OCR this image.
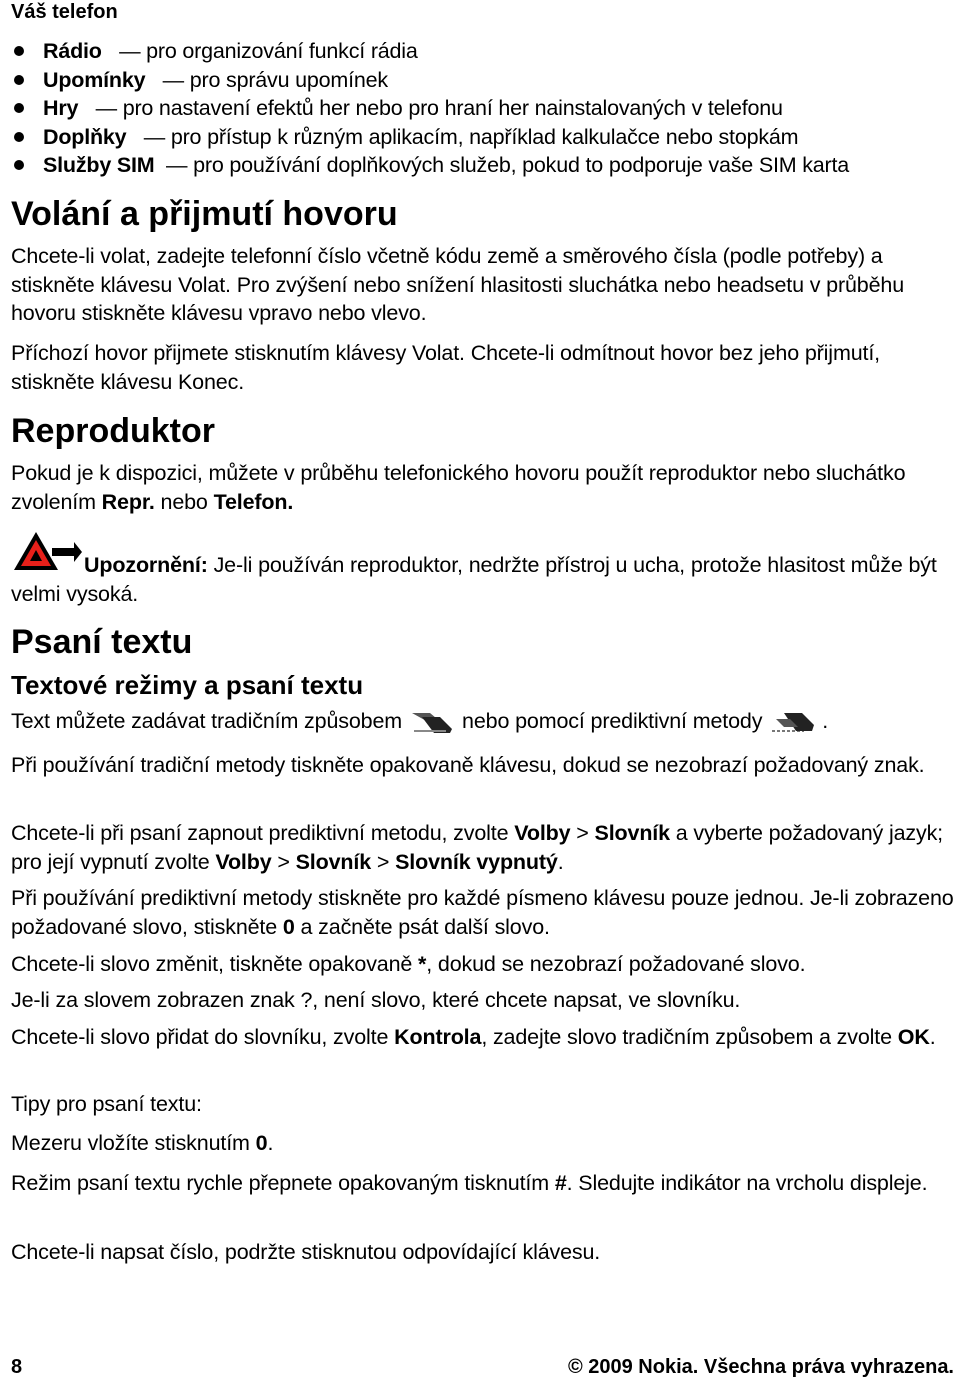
Váš telefon
Rádio — pro organizování funkcí rádia
Upomínky — pro správu upomínek
Hry — pro nastavení efektů her nebo pro hraní her nainstalovaných v telefonu
Doplňky — pro přístup k různým aplikacím, například kalkulačce nebo stopkám
Služby SIM — pro používání doplňkových služeb, pokud to podporuje vaše SIM karta
Volání a přijmutí hovoru

Chcete-li volat, zadejte telefonní číslo včetně kódu země a směrového čísla (podle potřeby) a stiskněte klávesu Volat. Pro zvýšení nebo snížení hlasitosti sluchátka nebo headsetu v průběhu hovoru stiskněte klávesu vpravo nebo vlevo.

Příchozí hovor přijmete stisknutím klávesy Volat. Chcete-li odmítnout hovor bez jeho přijmutí, stiskněte klávesu Konec.

Reproduktor

Pokud je k dispozici, můžete v průběhu telefonického hovoru použít reproduktor nebo sluchátko zvolením Repr. nebo Telefon.

Upozornění: Je-li používán reproduktor, nedržte přístroj u ucha, protože hlasitost může být velmi vysoká.

Psaní textu
Textové režimy a psaní textu

Text můžete zadávat tradičním způsobem	nebo pomocí prediktivní metody	.

Při používání tradiční metody tiskněte opakovaně klávesu, dokud se nezobrazí požadovaný znak.

Chcete-li při psaní zapnout prediktivní metodu, zvolte Volby > Slovník a vyberte požadovaný jazyk; pro její vypnutí zvolte Volby > Slovník > Slovník vypnutý.

Při používání prediktivní metody stiskněte pro každé písmeno klávesu pouze jednou. Je-li zobrazeno požadované slovo, stiskněte 0 a začněte psát další slovo.

Chcete-li slovo změnit, tiskněte opakovaně *, dokud se nezobrazí požadované slovo.

Je-li za slovem zobrazen znak ?, není slovo, které chcete napsat, ve slovníku.

Chcete-li slovo přidat do slovníku, zvolte Kontrola, zadejte slovo tradičním způsobem a zvolte OK.

Tipy pro psaní textu:

Mezeru vložíte stisknutím 0.

Režim psaní textu rychle přepnete opakovaným tisknutím #. Sledujte indikátor na vrcholu displeje.

Chcete-li napsat číslo, podržte stisknutou odpovídající klávesu.

8	© 2009 Nokia. Všechna práva vyhrazena.
